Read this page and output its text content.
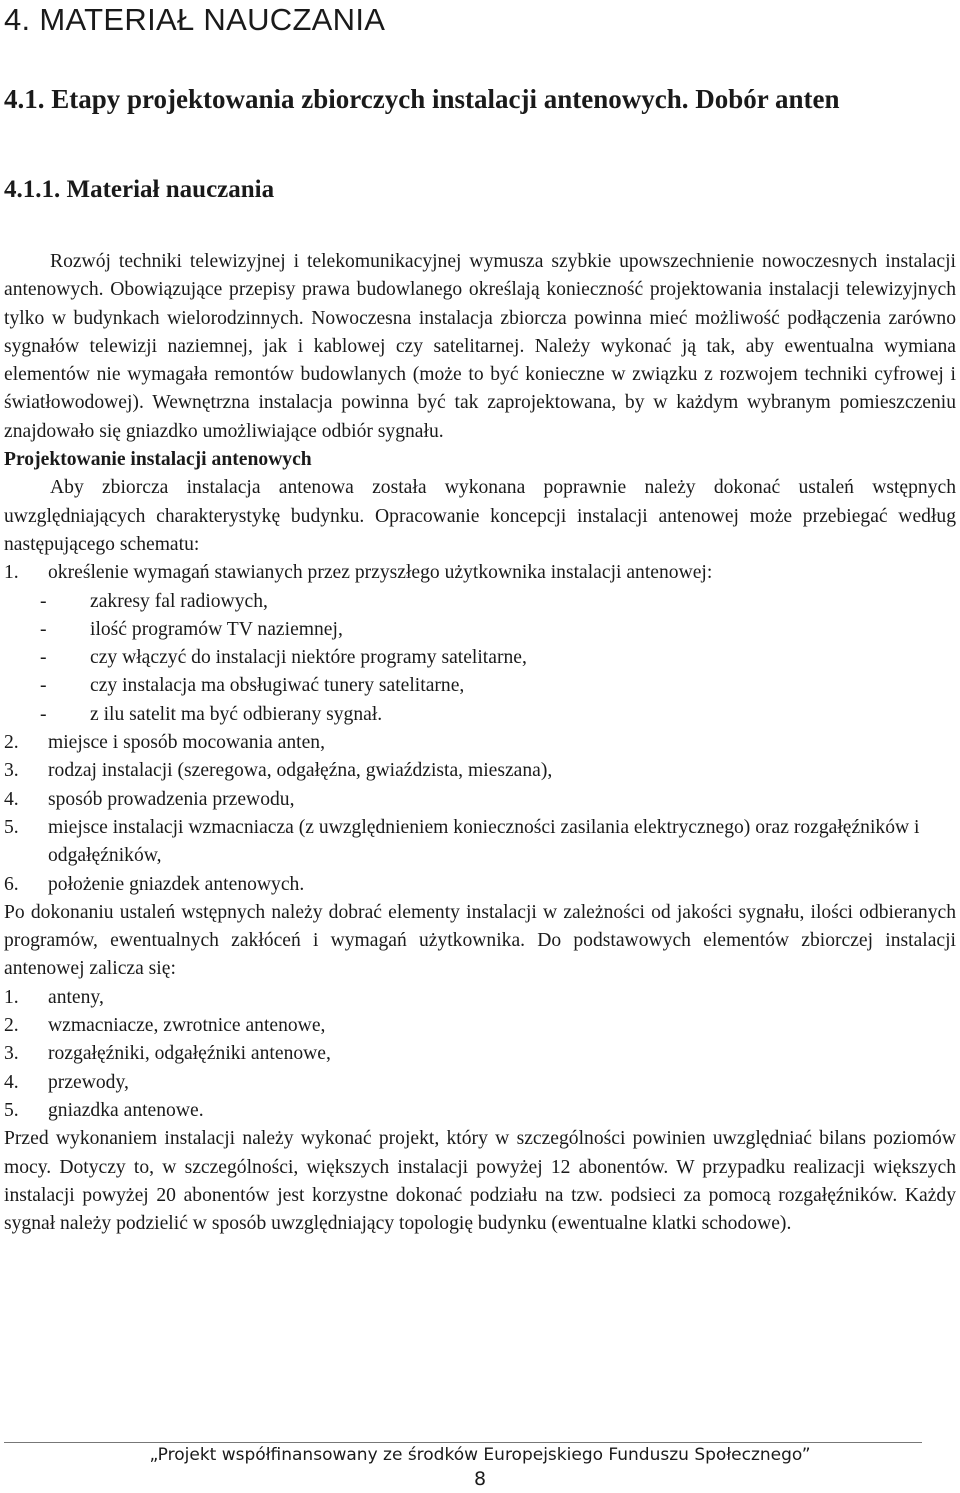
4. MATERIAŁ NAUCZANIA
4.1. Etapy projektowania zbiorczych instalacji antenowych. Dobór anten
4.1.1. Materiał nauczania

Rozwój techniki telewizyjnej i telekomunikacyjnej wymusza szybkie upowszechnienie nowoczesnych instalacji antenowych. Obowiązujące przepisy prawa budowlanego określają konieczność projektowania instalacji telewizyjnych tylko w budynkach wielorodzinnych. Nowoczesna instalacja zbiorcza powinna mieć możliwość podłączenia zarówno sygnałów telewizji naziemnej, jak i kablowej czy satelitarnej. Należy wykonać ją tak, aby ewentualna wymiana elementów nie wymagała remontów budowlanych (może to być konieczne w związku z rozwojem techniki cyfrowej i światłowodowej). Wewnętrzna instalacja powinna być tak zaprojektowana, by w każdym wybranym pomieszczeniu znajdowało się gniazdko umożliwiające odbiór sygnału.

Projektowanie instalacji antenowych

Aby zbiorcza instalacja antenowa została wykonana poprawnie należy dokonać ustaleń wstępnych uwzględniających charakterystykę budynku. Opracowanie koncepcji instalacji antenowej może przebiegać według następującego schematu:

1. określenie wymagań stawianych przez przyszłego użytkownika instalacji antenowej:
- zakresy fal radiowych,
- ilość programów TV naziemnej,
- czy włączyć do instalacji niektóre programy satelitarne,
- czy instalacja ma obsługiwać tunery satelitarne,
- z ilu satelit ma być odbierany sygnał.
2. miejsce i sposób mocowania anten,
3. rodzaj instalacji (szeregowa, odgałęźna, gwiaździsta, mieszana),
4. sposób prowadzenia przewodu,
5. miejsce instalacji wzmacniacza (z uwzględnieniem konieczności zasilania elektrycznego) oraz rozgałęźników i odgałęźników,
6. położenie gniazdek antenowych.

Po dokonaniu ustaleń wstępnych należy dobrać elementy instalacji w zależności od jakości sygnału, ilości odbieranych programów, ewentualnych zakłóceń i wymagań użytkownika. Do podstawowych elementów zbiorczej instalacji antenowej zalicza się:

1. anteny,
2. wzmacniacze, zwrotnice antenowe,
3. rozgałęźniki, odgałęźniki antenowe,
4. przewody,
5. gniazdka antenowe.

Przed wykonaniem instalacji należy wykonać projekt, który w szczególności powinien uwzględniać bilans poziomów mocy. Dotyczy to, w szczególności, większych instalacji powyżej 12 abonentów. W przypadku realizacji większych instalacji powyżej 20 abonentów jest korzystne dokonać podziału na tzw. podsieci za pomocą rozgałęźników. Każdy sygnał należy podzielić w sposób uwzględniający topologię budynku (ewentualne klatki schodowe).

„Projekt współfinansowany ze środków Europejskiego Funduszu Społecznego”
8
